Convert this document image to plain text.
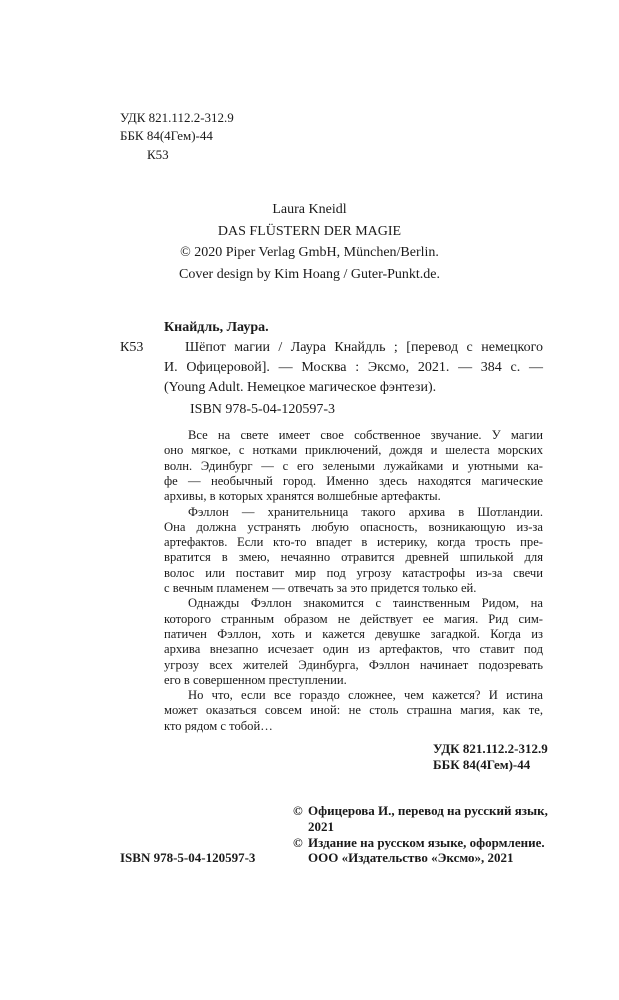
УДК 821.112.2-312.9
ББК 84(4Гем)-44
К53
Laura Kneidl
DAS FLÜSTERN DER MAGIE
© 2020 Piper Verlag GmbH, München/Berlin.
Cover design by Kim Hoang / Guter-Punkt.de.
Кнайдль, Лаура.
К53	Шёпот магии / Лаура Кнайдль ; [перевод с немецкого
И. Офицеровой]. — Москва : Эксмо, 2021. — 384 с. —
(Young Adult. Немецкое магическое фэнтези).
ISBN 978-5-04-120597-3
Все на свете имеет свое собственное звучание. У магии
оно мягкое, с нотками приключений, дождя и шелеста морских
волн. Эдинбург — с его зелеными лужайками и уютными ка-
фе — необычный город. Именно здесь находятся магические
архивы, в которых хранятся волшебные артефакты.
Фэллон — хранительница такого архива в Шотландии.
Она должна устранять любую опасность, возникающую из-за
артефактов. Если кто-то впадет в истерику, когда трость пре-
вратится в змею, нечаянно отравится древней шпилькой для
волос или поставит мир под угрозу катастрофы из-за свечи
с вечным пламенем — отвечать за это придется только ей.
Однажды Фэллон знакомится с таинственным Ридом, на
которого странным образом не действует ее магия. Рид сим-
патичен Фэллон, хоть и кажется девушке загадкой. Когда из
архива внезапно исчезает один из артефактов, что ставит под
угрозу всех жителей Эдинбурга, Фэллон начинает подозревать
его в совершенном преступлении.
Но что, если все гораздо сложнее, чем кажется? И истина
может оказаться совсем иной: не столь страшна магия, как те,
кто рядом с тобой…
УДК 821.112.2-312.9
ББК 84(4Гем)-44
© Офицерова И., перевод на русский язык,
2021
© Издание на русском языке, оформление.
ООО «Издательство «Эксмо», 2021
ISBN 978-5-04-120597-3
